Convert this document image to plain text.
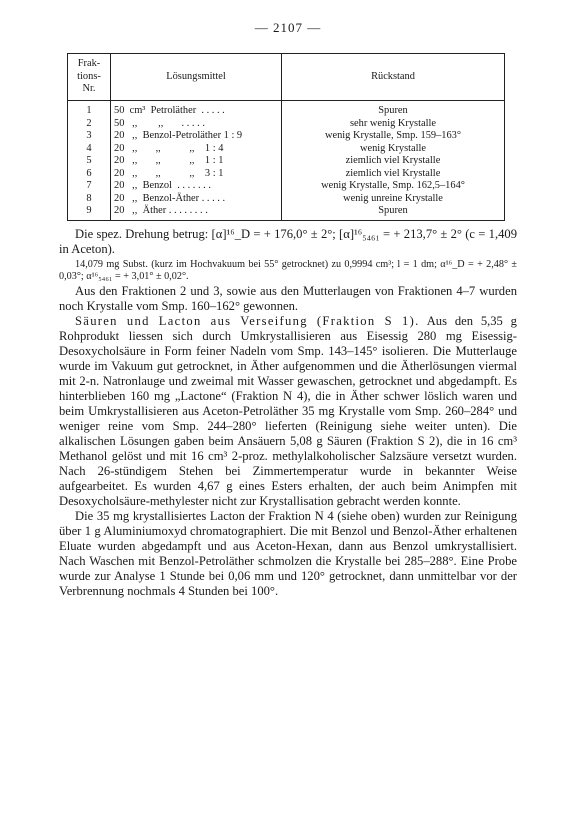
— 2107 —
Frak-
tions-
Nr.	Lösungsmittel	Rückstand
1	50  cm³  Petroläther  . . . . .	Spuren
2	50   ,,        ,,       . . . . .	sehr wenig Krystalle
3	20   ,,  Benzol-Petroläther 1 : 9	wenig Krystalle, Smp. 159–163°
4	20   ,,       ,,           ,,    1 : 4	wenig Krystalle
5	20   ,,       ,,           ,,    1 : 1	ziemlich viel Krystalle
6	20   ,,       ,,           ,,    3 : 1	ziemlich viel Krystalle
7	20   ,,  Benzol  . . . . . . .	wenig Krystalle, Smp. 162,5–164°
8	20   ,,  Benzol-Äther . . . . .	wenig unreine Krystalle
9	20   ,,  Äther . . . . . . . .	Spuren

Die spez. Drehung betrug: [α]¹⁶_D = + 176,0° ± 2°; [α]¹⁶₅₄₆₁ = + 213,7° ± 2° (c = 1,409 in Aceton).

14,079 mg Subst. (kurz im Hochvakuum bei 55° getrocknet) zu 0,9994 cm³; l = 1 dm; α¹⁶_D = + 2,48° ± 0,03°; α¹⁶₅₄₆₁ = + 3,01° ± 0,02°.

Aus den Fraktionen 2 und 3, sowie aus den Mutterlaugen von Fraktionen 4–7 wurden noch Krystalle vom Smp. 160–162° gewonnen.

Säuren und Lacton aus Verseifung (Fraktion S 1). Aus den 5,35 g Rohprodukt liessen sich durch Umkrystallisieren aus Eisessig 280 mg Eisessig-Desoxycholsäure in Form feiner Nadeln vom Smp. 143–145° isolieren. Die Mutterlauge wurde im Vakuum gut getrocknet, in Äther aufgenommen und die Ätherlösungen viermal mit 2-n. Natronlauge und zweimal mit Wasser gewaschen, getrocknet und abgedampft. Es hinterblieben 160 mg „Lactone“ (Fraktion N 4), die in Äther schwer löslich waren und beim Umkrystallisieren aus Aceton-Petroläther 35 mg Krystalle vom Smp. 260–284° und weniger reine vom Smp. 244–280° lieferten (Reinigung siehe weiter unten). Die alkalischen Lösungen gaben beim Ansäuern 5,08 g Säuren (Fraktion S 2), die in 16 cm³ Methanol gelöst und mit 16 cm³ 2-proz. methylalkoholischer Salzsäure versetzt wurden. Nach 26-stündigem Stehen bei Zimmertemperatur wurde in bekannter Weise aufgearbeitet. Es wurden 4,67 g eines Esters erhalten, der auch beim Animpfen mit Desoxycholsäure-methylester nicht zur Krystallisation gebracht werden konnte.

Die 35 mg krystallisiertes Lacton der Fraktion N 4 (siehe oben) wurden zur Reinigung über 1 g Aluminiumoxyd chromatographiert. Die mit Benzol und Benzol-Äther erhaltenen Eluate wurden abgedampft und aus Aceton-Hexan, dann aus Benzol umkrystallisiert. Nach Waschen mit Benzol-Petroläther schmolzen die Krystalle bei 285–288°. Eine Probe wurde zur Analyse 1 Stunde bei 0,06 mm und 120° getrocknet, dann unmittelbar vor der Verbrennung nochmals 4 Stunden bei 100°.
